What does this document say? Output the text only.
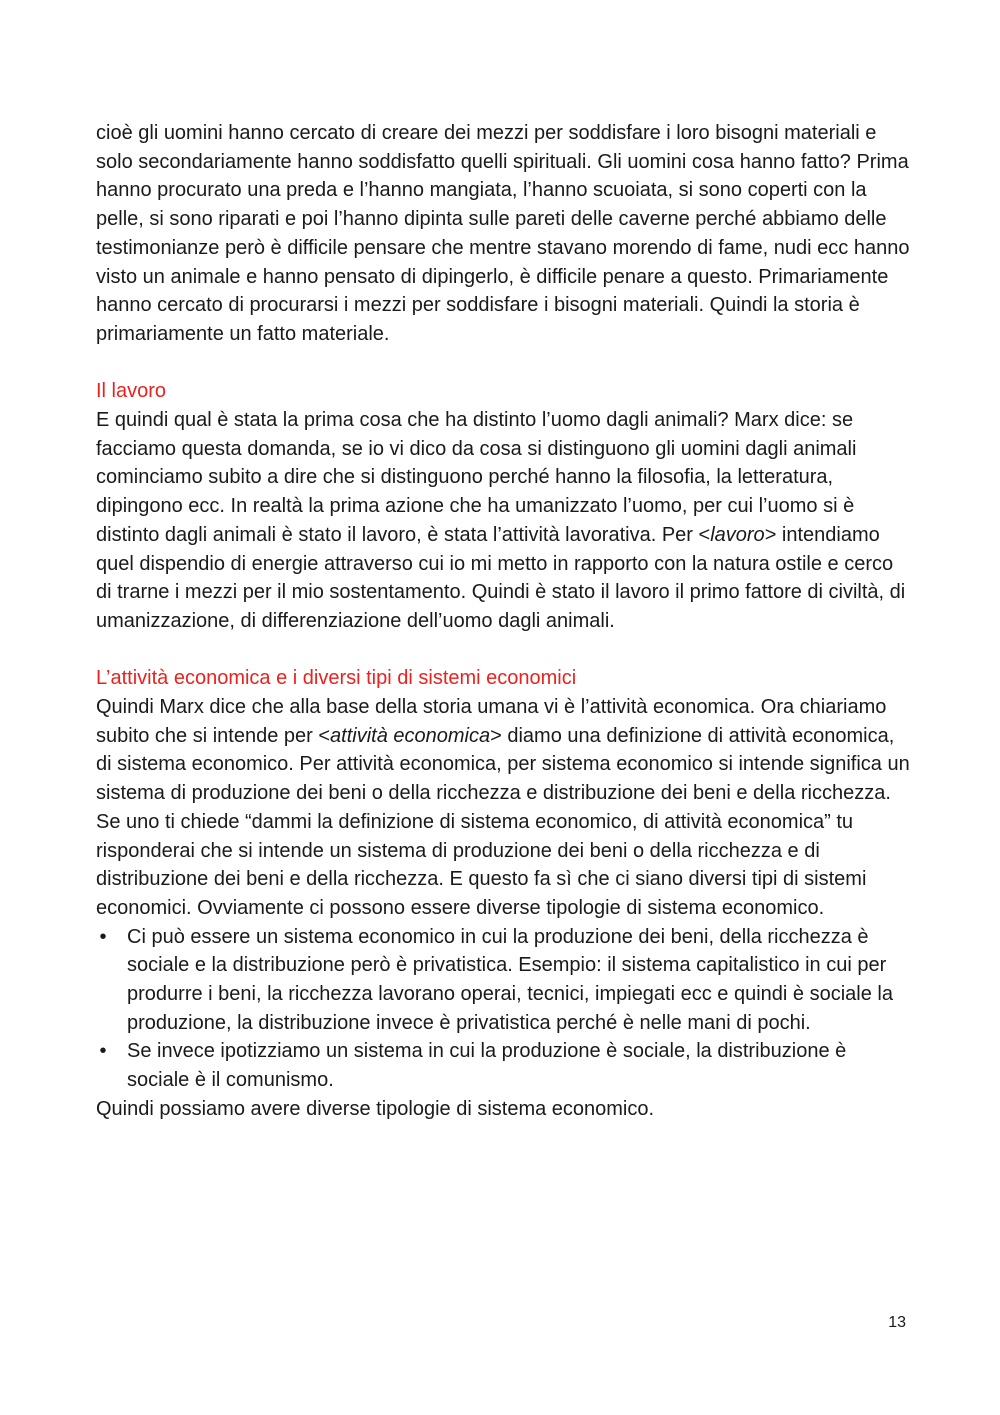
cioè gli uomini hanno cercato di creare dei mezzi per soddisfare i loro bisogni materiali e solo secondariamente hanno soddisfatto quelli spirituali. Gli uomini cosa hanno fatto? Prima hanno procurato una preda e l’hanno mangiata, l’hanno scuoiata, si sono coperti con la pelle, si sono riparati e poi l’hanno dipinta sulle pareti delle caverne perché abbiamo delle testimonianze però è difficile pensare che mentre stavano morendo di fame, nudi ecc hanno visto un animale e hanno pensato di dipingerlo, è difficile penare a questo. Primariamente hanno cercato di procurarsi i mezzi per soddisfare i bisogni materiali. Quindi la storia è primariamente un fatto materiale.

Il lavoro

E quindi qual è stata la prima cosa che ha distinto l’uomo dagli animali? Marx dice: se facciamo questa domanda, se io vi dico da cosa si distinguono gli uomini dagli animali cominciamo subito a dire che si distinguono perché hanno la filosofia, la letteratura, dipingono ecc. In realtà la prima azione che ha umanizzato l’uomo, per cui l’uomo si è distinto dagli animali è stato il lavoro, è stata l’attività lavorativa. Per <lavoro> intendiamo quel dispendio di energie attraverso cui io mi metto in rapporto con la natura ostile e cerco di trarne i mezzi per il mio sostentamento. Quindi è stato il lavoro il primo fattore di civiltà, di umanizzazione, di differenziazione dell’uomo dagli animali.

L’attività economica e i diversi tipi di sistemi economici

Quindi Marx dice che alla base della storia umana vi è l’attività economica. Ora chiariamo subito che si intende per <attività economica> diamo una definizione di attività economica, di sistema economico. Per attività economica, per sistema economico si intende significa un sistema di produzione dei beni o della ricchezza e distribuzione dei beni e della ricchezza. Se uno ti chiede “dammi la definizione di sistema economico, di attività economica” tu risponderai che si intende un sistema di produzione dei beni o della ricchezza e di distribuzione dei beni e della ricchezza. E questo fa sì che ci siano diversi tipi di sistemi economici. Ovviamente ci possono essere diverse tipologie di sistema economico.

• Ci può essere un sistema economico in cui la produzione dei beni, della ricchezza è sociale e la distribuzione però è privatistica. Esempio: il sistema capitalistico in cui per produrre i beni, la ricchezza lavorano operai, tecnici, impiegati ecc e quindi è sociale la produzione, la distribuzione invece è privatistica perché è nelle mani di pochi.
• Se invece ipotizziamo un sistema in cui la produzione è sociale, la distribuzione è sociale è il comunismo.

Quindi possiamo avere diverse tipologie di sistema economico.

13
